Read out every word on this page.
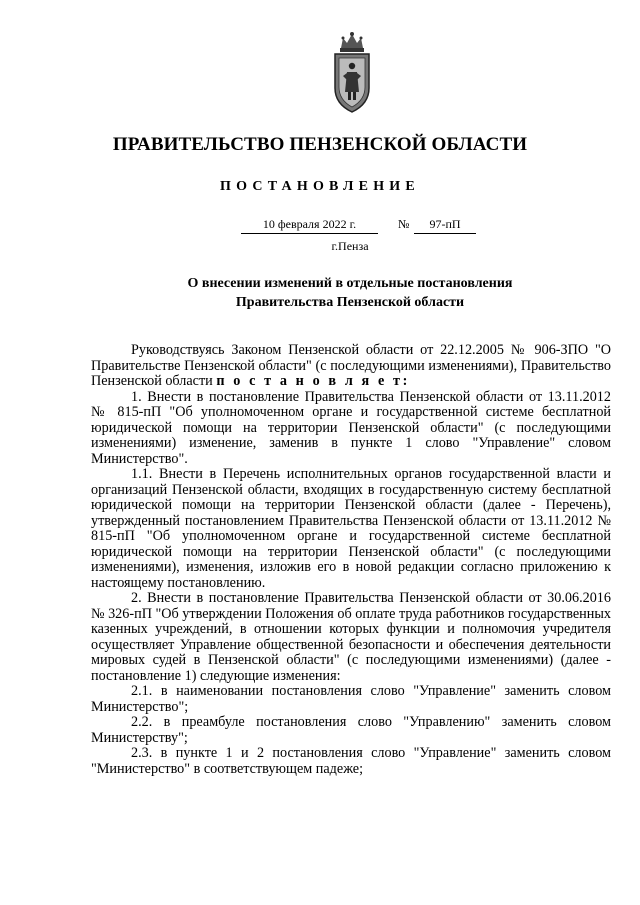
ПРАВИТЕЛЬСТВО ПЕНЗЕНСКОЙ ОБЛАСТИ
ПОСТАНОВЛЕНИЕ
10 февраля 2022 г.	№	97-пП
г.Пенза
О внесении изменений в отдельные постановления
Правительства Пензенской области

Руководствуясь Законом Пензенской области от 22.12.2005 № 906-ЗПО "О Правительстве Пензенской области" (с последующими изменениями), Правительство Пензенской области п о с т а н о в л я е т:

1. Внести в постановление Правительства Пензенской области от 13.11.2012 № 815-пП "Об уполномоченном органе и государственной системе бесплатной юридической помощи на территории Пензенской области" (с последующими изменениями) изменение, заменив в пункте 1 слово "Управление" словом Министерство".

1.1. Внести в Перечень исполнительных органов государственной власти и организаций Пензенской области, входящих в государственную систему бесплатной юридической помощи на территории Пензенской области (далее - Перечень), утвержденный постановлением Правительства Пензенской области от 13.11.2012 № 815-пП "Об уполномоченном органе и государственной системе бесплатной юридической помощи на территории Пензенской области" (с последующими изменениями), изменения, изложив его в новой редакции согласно приложению к настоящему постановлению.

2. Внести в постановление Правительства Пензенской области от 30.06.2016 № 326-пП "Об утверждении Положения об оплате труда работников государственных казенных учреждений, в отношении которых функции и полномочия учредителя осуществляет Управление общественной безопасности и обеспечения деятельности мировых судей в Пензенской области" (с последующими изменениями) (далее - постановление 1) следующие изменения:

2.1. в наименовании постановления слово "Управление" заменить словом Министерство";

2.2. в преамбуле постановления слово "Управлению" заменить словом Министерству";

2.3. в пункте 1 и 2 постановления слово "Управление" заменить словом "Министерство" в соответствующем падеже;
